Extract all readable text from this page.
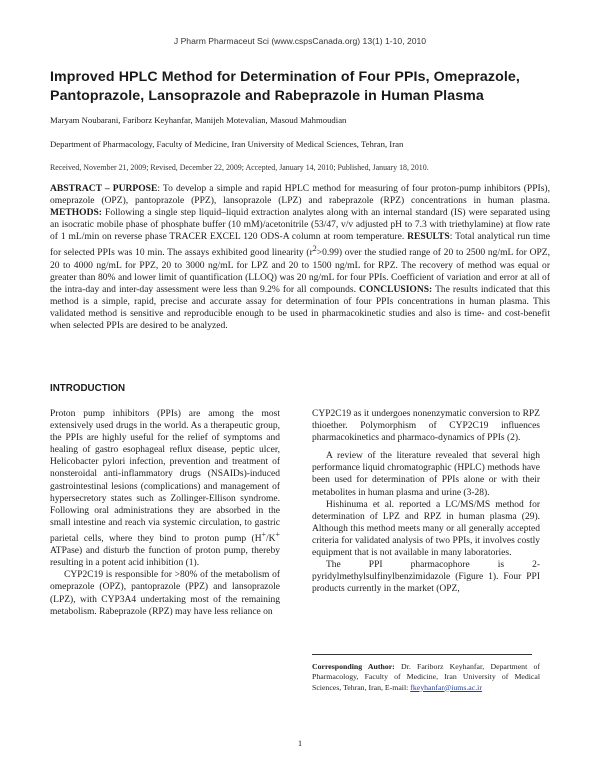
J Pharm Pharmaceut Sci (www.cspsCanada.org) 13(1) 1-10, 2010
Improved HPLC Method for Determination of Four PPIs, Omeprazole, Pantoprazole, Lansoprazole and Rabeprazole in Human Plasma
Maryam Noubarani, Fariborz Keyhanfar, Manijeh Motevalian, Masoud Mahmoudian
Department of Pharmacology, Faculty of Medicine, Iran University of Medical Sciences, Tehran, Iran
Received, November 21, 2009; Revised, December 22, 2009; Accepted, January 14, 2010; Published, January 18, 2010.
ABSTRACT – PURPOSE: To develop a simple and rapid HPLC method for measuring of four proton-pump inhibitors (PPIs), omeprazole (OPZ), pantoprazole (PPZ), lansoprazole (LPZ) and rabeprazole (RPZ) concentrations in human plasma. METHODS: Following a single step liquid–liquid extraction analytes along with an internal standard (IS) were separated using an isocratic mobile phase of phosphate buffer (10 mM)/acetonitrile (53/47, v/v adjusted pH to 7.3 with triethylamine) at flow rate of 1 mL/min on reverse phase TRACER EXCEL 120 ODS-A column at room temperature. RESULTS: Total analytical run time for selected PPIs was 10 min. The assays exhibited good linearity $(r^2>0.99)$ over the studied range of 20 to 2500 ng/mL for OPZ, 20 to 4000 ng/mL for PPZ, 20 to 3000 ng/mL for LPZ and 20 to 1500 ng/mL for RPZ. The recovery of method was equal or greater than 80% and lower limit of quantification (LLOQ) was 20 ng/mL for four PPIs. Coefficient of variation and error at all of the intra-day and inter-day assessment were less than 9.2% for all compounds. CONCLUSIONS: The results indicated that this method is a simple, rapid, precise and accurate assay for determination of four PPIs concentrations in human plasma. This validated method is sensitive and reproducible enough to be used in pharmacokinetic studies and also is time- and cost-benefit when selected PPIs are desired to be analyzed.
INTRODUCTION

Proton pump inhibitors (PPIs) are among the most extensively used drugs in the world. As a therapeutic group, the PPIs are highly useful for the relief of symptoms and healing of gastro esophageal reflux disease, peptic ulcer, Helicobacter pylori infection, prevention and treatment of nonsteroidal anti-inflammatory drugs (NSAIDs)-induced gastrointestinal lesions (complications) and management of hypersecretory states such as Zollinger-Ellison syndrome. Following oral administrations they are absorbed in the small intestine and reach via systemic circulation, to gastric parietal cells, where they bind to proton pump (H+/K+ ATPase) and disturb the function of proton pump, thereby resulting in a potent acid inhibition (1).

CYP2C19 is responsible for >80% of the metabolism of omeprazole (OPZ), pantoprazole (PPZ) and lansoprazole (LPZ), with CYP3A4 undertaking most of the remaining metabolism. Rabeprazole (RPZ) may have less reliance on

CYP2C19 as it undergoes nonenzymatic conversion to RPZ thioether. Polymorphism of CYP2C19 influences pharmacokinetics and pharmaco-dynamics of PPIs (2).

A review of the literature revealed that several high performance liquid chromatographic (HPLC) methods have been used for determination of PPIs alone or with their metabolites in human plasma and urine (3-28).

Hishinuma et al. reported a LC/MS/MS method for determination of LPZ and RPZ in human plasma (29). Although this method meets many or all generally accepted criteria for validated analysis of two PPIs, it involves costly equipment that is not available in many laboratories.

The PPI pharmacophore is 2-pyridylmethylsulfinylbenzimidazole (Figure 1). Four PPI products currently in the market (OPZ,

Corresponding Author: Dr. Fariborz Keyhanfar, Department of Pharmacology, Faculty of Medicine, Iran University of Medical Sciences, Tehran, Iran, E-mail: fkeyhanfar@iums.ac.ir
1
